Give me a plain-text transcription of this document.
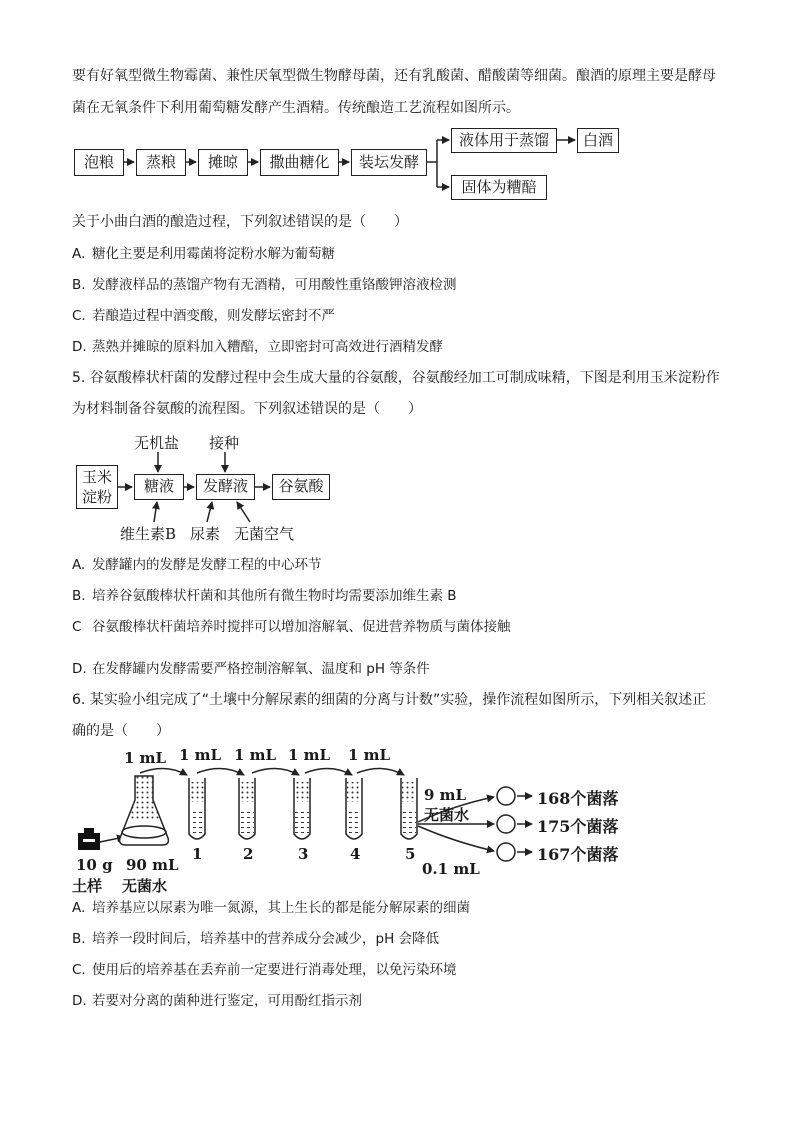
要有好氧型微生物霉菌、兼性厌氧型微生物酵母菌，还有乳酸菌、醋酸菌等细菌。酿酒的原理主要是酵母
菌在无氧条件下利用葡萄糖发酵产生酒精。传统酿造工艺流程如图所示。
泡粮	蒸粮	摊晾	撒曲糖化	装坛发酵
液体用于蒸馏	白酒
固体为糟醅
关于小曲白酒的酿造过程，下列叙述错误的是（　　）
A. 糖化主要是利用霉菌将淀粉水解为葡萄糖
B. 发酵液样品的蒸馏产物有无酒精，可用酸性重铬酸钾溶液检测
C. 若酿造过程中酒变酸，则发酵坛密封不严
D. 蒸熟并摊晾的原料加入糟醅，立即密封可高效进行酒精发酵
5. 谷氨酸棒状杆菌的发酵过程中会生成大量的谷氨酸，谷氨酸经加工可制成味精，下图是利用玉米淀粉作
为材料制备谷氨酸的流程图。下列叙述错误的是（　　）
玉米
淀粉
糖液	发酵液	谷氨酸
无机盐 接种
维生素B 尿素 无菌空气
A. 发酵罐内的发酵是发酵工程的中心环节
B. 培养谷氨酸棒状杆菌和其他所有微生物时均需要添加维生素 B
C 谷氨酸棒状杆菌培养时搅拌可以增加溶解氧、促进营养物质与菌体接触
D. 在发酵罐内发酵需要严格控制溶解氧、温度和 pH 等条件
6. 某实验小组完成了“土壤中分解尿素的细菌的分离与计数”实验，操作流程如图所示，下列相关叙述正
确的是（　　）
1 mL 1 mL 1 mL 1 mL 1 mL
1	2	3	4	5
9 mL
无菌水
0.1 mL
10 g
土样
90 mL
无菌水
168个菌落
175个菌落
167个菌落
A. 培养基应以尿素为唯一氮源，其上生长的都是能分解尿素的细菌
B. 培养一段时间后，培养基中的营养成分会减少，pH 会降低
C. 使用后的培养基在丢弃前一定要进行消毒处理，以免污染环境
D. 若要对分离的菌种进行鉴定，可用酚红指示剂
